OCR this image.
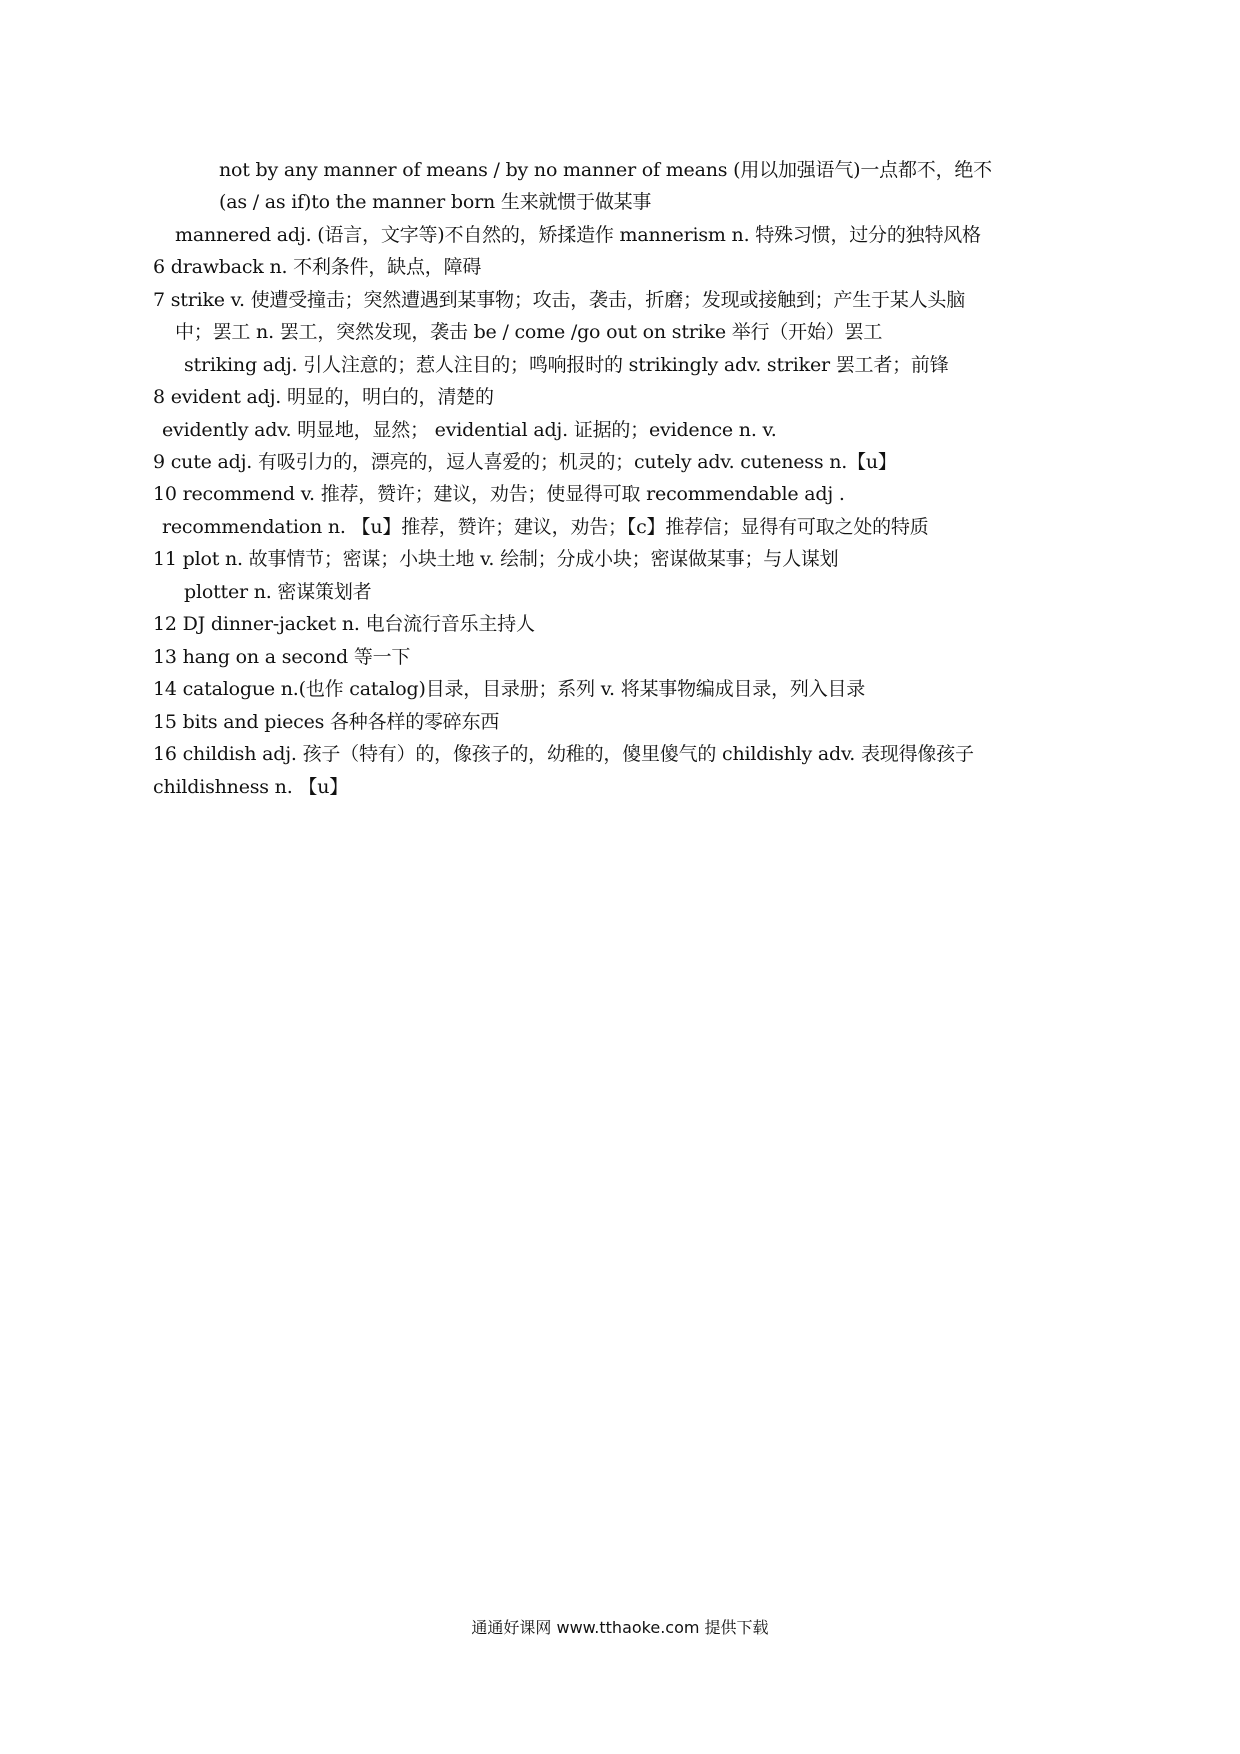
not by any manner of means / by no manner of means (用以加强语气)一点都不，绝不
(as / as if)to the manner born 生来就惯于做某事
mannered adj. (语言，文字等)不自然的，矫揉造作 mannerism n. 特殊习惯，过分的独特风格
6 drawback n. 不利条件，缺点，障碍
7 strike v. 使遭受撞击；突然遭遇到某事物；攻击，袭击，折磨；发现或接触到；产生于某人头脑
中；罢工 n. 罢工，突然发现，袭击 be / come /go out on strike 举行（开始）罢工
striking adj. 引人注意的；惹人注目的；鸣响报时的 strikingly adv. striker 罢工者；前锋
8 evident adj. 明显的，明白的，清楚的
evidently adv. 明显地，显然； evidential adj. 证据的；evidence n. v.
9 cute adj. 有吸引力的，漂亮的，逗人喜爱的；机灵的；cutely adv. cuteness n.【u】
10 recommend v. 推荐，赞许；建议，劝告；使显得可取 recommendable adj .
recommendation n. 【u】推荐，赞许；建议，劝告；【c】推荐信；显得有可取之处的特质
11 plot n. 故事情节；密谋；小块土地 v. 绘制；分成小块；密谋做某事；与人谋划
plotter n. 密谋策划者
12 DJ dinner-jacket n. 电台流行音乐主持人
13 hang on a second 等一下
14 catalogue n.(也作 catalog)目录，目录册；系列 v. 将某事物编成目录，列入目录
15 bits and pieces 各种各样的零碎东西
16 childish adj. 孩子（特有）的，像孩子的，幼稚的，傻里傻气的 childishly adv. 表现得像孩子
childishness n. 【u】
通通好课网 www.tthaoke.com 提供下载
